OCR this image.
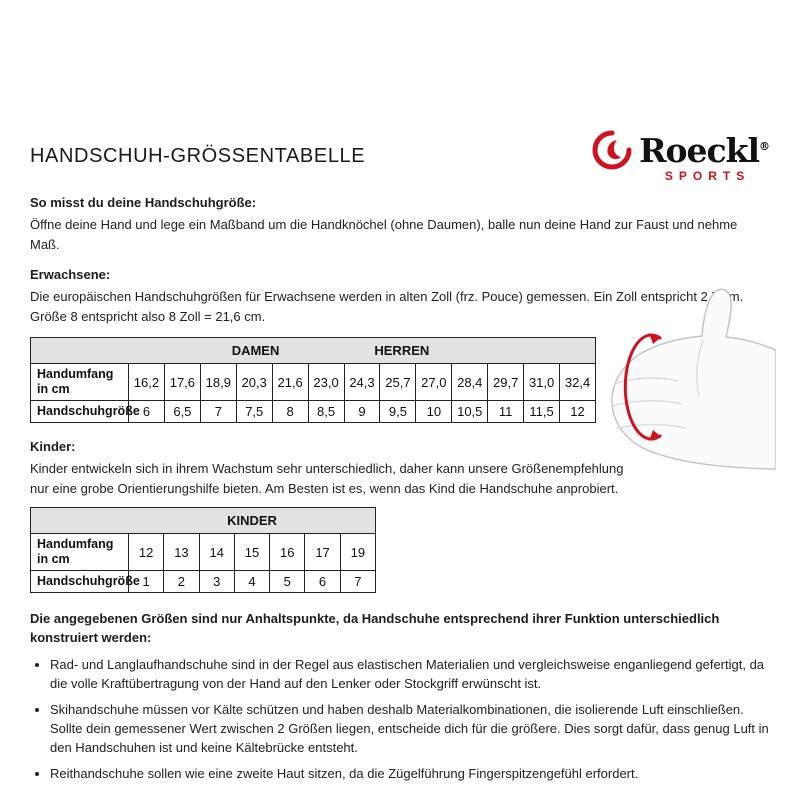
HANDSCHUH-GRÖSSENTABELLE	Roeckl®
SPORTS
So misst du deine Handschuhgröße:
Öffne deine Hand und lege ein Maßband um die Handknöchel (ohne Daumen), balle nun deine Hand zur Faust und nehme Maß.
Erwachsene:
Die europäischen Handschuhgrößen für Erwachsene werden in alten Zoll (frz. Pouce) gemessen. Ein Zoll entspricht 2,7 cm.
Größe 8 entspricht also 8 Zoll = 21,6 cm.
DAMEN HERREN													

Handumfang in cm	16,2	17,6	18,9	20,3	21,6	23,0	24,3	25,7	27,0	28,4	29,7	31,0	32,4
Handschuhgröße	6	6,5	7	7,5	8	8,5	9	9,5	10	10,5	11	11,5	12
Kinder:
Kinder entwickeln sich in ihrem Wachstum sehr unterschiedlich, daher kann unsere Größenempfehlung
nur eine grobe Orientierungshilfe bieten. Am Besten ist es, wenn das Kind die Handschuhe anprobiert.
KINDER							

Handumfang in cm	12	13	14	15	16	17	19
Handschuhgröße	1	2	3	4	5	6	7
Die angegebenen Größen sind nur Anhaltspunkte, da Handschuhe entsprechend ihrer Funktion unterschiedlich konstruiert werden:
• Rad- und Langlaufhandschuhe sind in der Regel aus elastischen Materialien und vergleichsweise enganliegend gefertigt, da die volle Kraftübertragung von der Hand auf den Lenker oder Stockgriff erwünscht ist.
• Skihandschuhe müssen vor Kälte schützen und haben deshalb Materialkombinationen, die isolierende Luft einschließen. Sollte dein gemessener Wert zwischen 2 Größen liegen, entscheide dich für die größere. Dies sorgt dafür, dass genug Luft in den Handschuhen ist und keine Kältebrücke entsteht.
• Reithandschuhe sollen wie eine zweite Haut sitzen, da die Zügelführung Fingerspitzengefühl erfordert.
